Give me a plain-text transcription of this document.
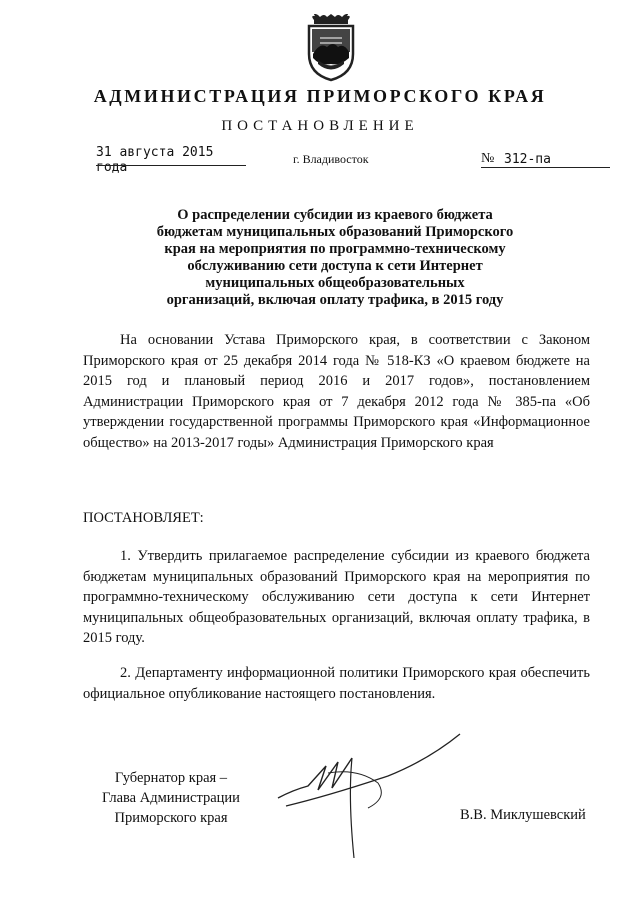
АДМИНИСТРАЦИЯ ПРИМОРСКОГО КРАЯ
ПОСТАНОВЛЕНИЕ
31 августа 2015 года
г. Владивосток	№ 312-па
О распределении субсидии из краевого бюджета
бюджетам муниципальных образований Приморского
края на мероприятия по программно-техническому
обслуживанию сети доступа к сети Интернет
муниципальных общеобразовательных
организаций, включая оплату трафика, в 2015 году
На основании Устава Приморского края, в соответствии с Законом Приморского края от 25 декабря 2014 года № 518-КЗ «О краевом бюджете на 2015 год и плановый период 2016 и 2017 годов», постановлением Администрации Приморского края от 7 декабря 2012 года № 385-па «Об утверждении государственной программы Приморского края «Информационное общество» на 2013-2017 годы» Администрация Приморского края
ПОСТАНОВЛЯЕТ:
1. Утвердить прилагаемое распределение субсидии из краевого бюджета бюджетам муниципальных образований Приморского края на мероприятия по программно-техническому обслуживанию сети доступа к сети Интернет муниципальных общеобразовательных организаций, включая оплату трафика, в 2015 году.
2. Департаменту информационной политики Приморского края обеспечить официальное опубликование настоящего постановления.
Губернатор края –
Глава Администрации
Приморского края	В.В. Миклушевский
